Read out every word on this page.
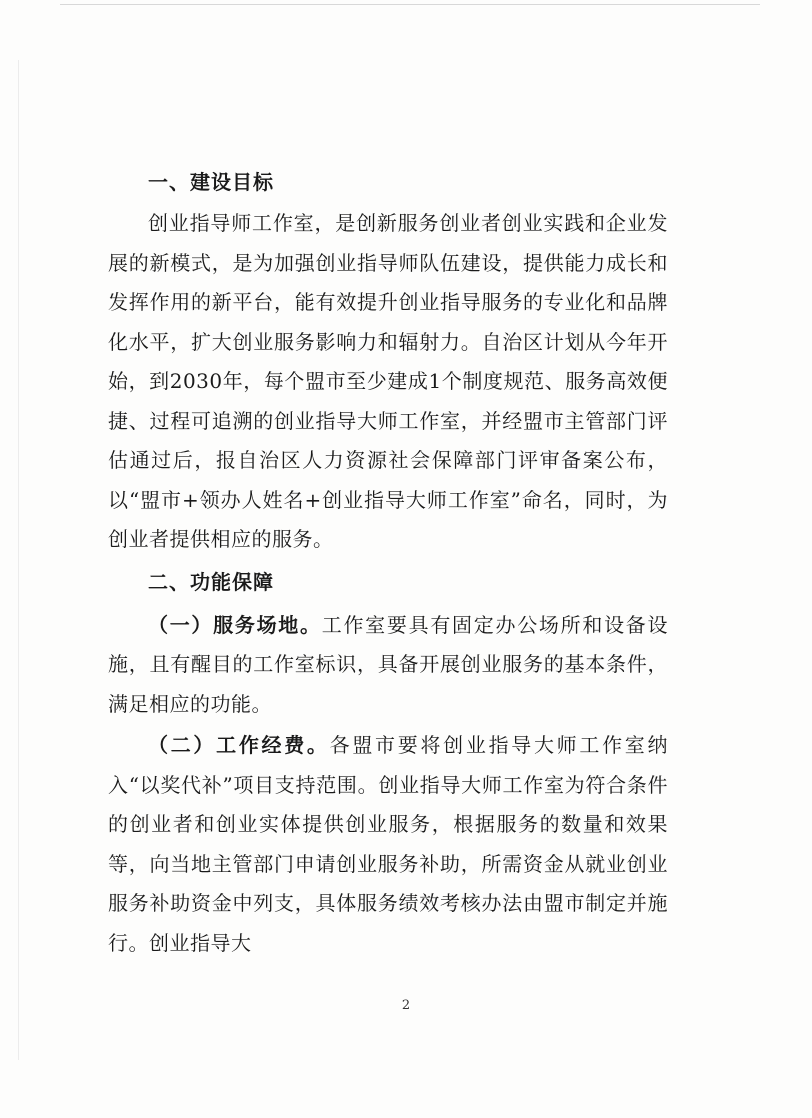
一、建设目标

创业指导师工作室，是创新服务创业者创业实践和企业发展的新模式，是为加强创业指导师队伍建设，提供能力成长和发挥作用的新平台，能有效提升创业指导服务的专业化和品牌化水平，扩大创业服务影响力和辐射力。自治区计划从今年开始，到2030年，每个盟市至少建成1个制度规范、服务高效便捷、过程可追溯的创业指导大师工作室，并经盟市主管部门评估通过后，报自治区人力资源社会保障部门评审备案公布，以“盟市+领办人姓名+创业指导大师工作室”命名，同时，为创业者提供相应的服务。

二、功能保障

（一）服务场地。工作室要具有固定办公场所和设备设施，且有醒目的工作室标识，具备开展创业服务的基本条件，满足相应的功能。

（二）工作经费。各盟市要将创业指导大师工作室纳入“以奖代补”项目支持范围。创业指导大师工作室为符合条件的创业者和创业实体提供创业服务，根据服务的数量和效果等，向当地主管部门申请创业服务补助，所需资金从就业创业服务补助资金中列支，具体服务绩效考核办法由盟市制定并施行。创业指导大

2
